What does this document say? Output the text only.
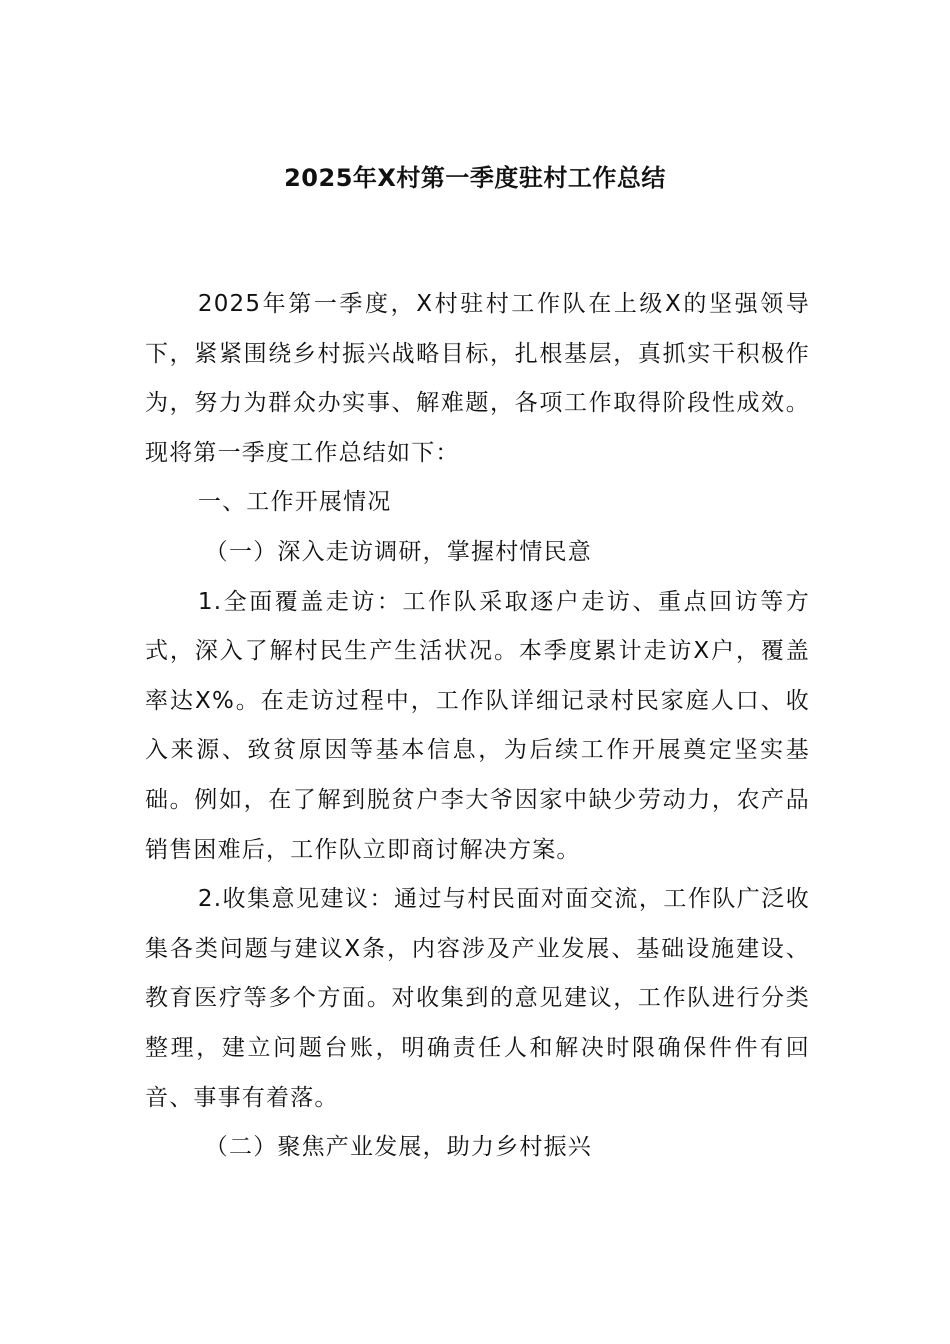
2025年X村第一季度驻村工作总结

2025年第一季度，X村驻村工作队在上级X的坚强领导下，紧紧围绕乡村振兴战略目标，扎根基层，真抓实干积极作为，努力为群众办实事、解难题，各项工作取得阶段性成效。现将第一季度工作总结如下：

一、工作开展情况

（一）深入走访调研，掌握村情民意

1.全面覆盖走访：工作队采取逐户走访、重点回访等方式，深入了解村民生产生活状况。本季度累计走访X户，覆盖率达X%。在走访过程中，工作队详细记录村民家庭人口、收入来源、致贫原因等基本信息，为后续工作开展奠定坚实基础。例如，在了解到脱贫户李大爷因家中缺少劳动力，农产品销售困难后，工作队立即商讨解决方案。

2.收集意见建议：通过与村民面对面交流，工作队广泛收集各类问题与建议X条，内容涉及产业发展、基础设施建设、教育医疗等多个方面。对收集到的意见建议，工作队进行分类整理，建立问题台账，明确责任人和解决时限确保件件有回音、事事有着落。

（二）聚焦产业发展，助力乡村振兴
